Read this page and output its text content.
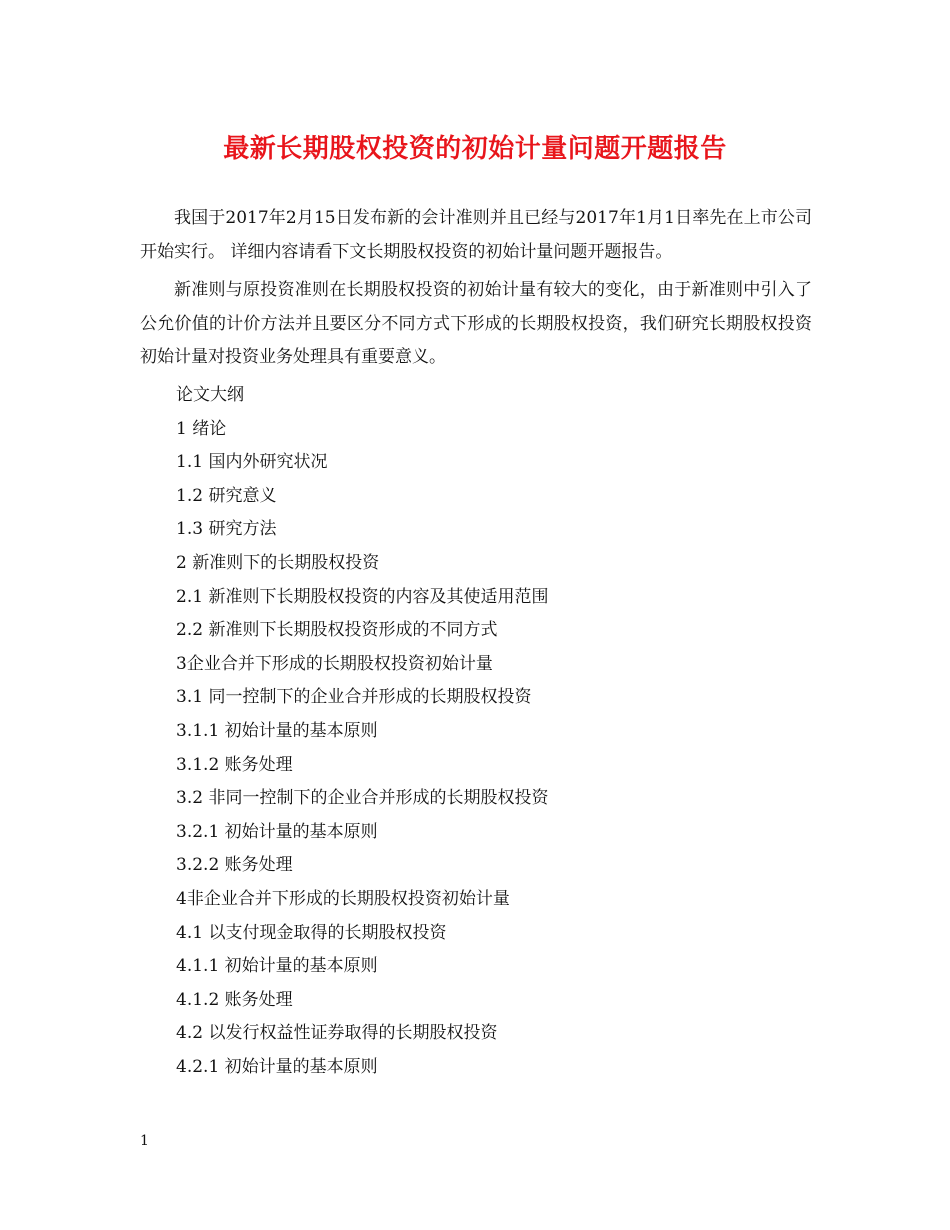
最新长期股权投资的初始计量问题开题报告
我国于2017年2月15日发布新的会计准则并且已经与2017年1月1日率先在上市公司开始实行。 详细内容请看下文长期股权投资的初始计量问题开题报告。
新准则与原投资准则在长期股权投资的初始计量有较大的变化，由于新准则中引入了公允价值的计价方法并且要区分不同方式下形成的长期股权投资，我们研究长期股权投资初始计量对投资业务处理具有重要意义。
论文大纲
1 绪论
1.1 国内外研究状况
1.2 研究意义
1.3 研究方法
2 新准则下的长期股权投资
2.1 新准则下长期股权投资的内容及其使适用范围
2.2 新准则下长期股权投资形成的不同方式
3企业合并下形成的长期股权投资初始计量
3.1 同一控制下的企业合并形成的长期股权投资
3.1.1 初始计量的基本原则
3.1.2 账务处理
3.2 非同一控制下的企业合并形成的长期股权投资
3.2.1 初始计量的基本原则
3.2.2 账务处理
4非企业合并下形成的长期股权投资初始计量
4.1 以支付现金取得的长期股权投资
4.1.1 初始计量的基本原则
4.1.2 账务处理
4.2 以发行权益性证券取得的长期股权投资
4.2.1 初始计量的基本原则
1
